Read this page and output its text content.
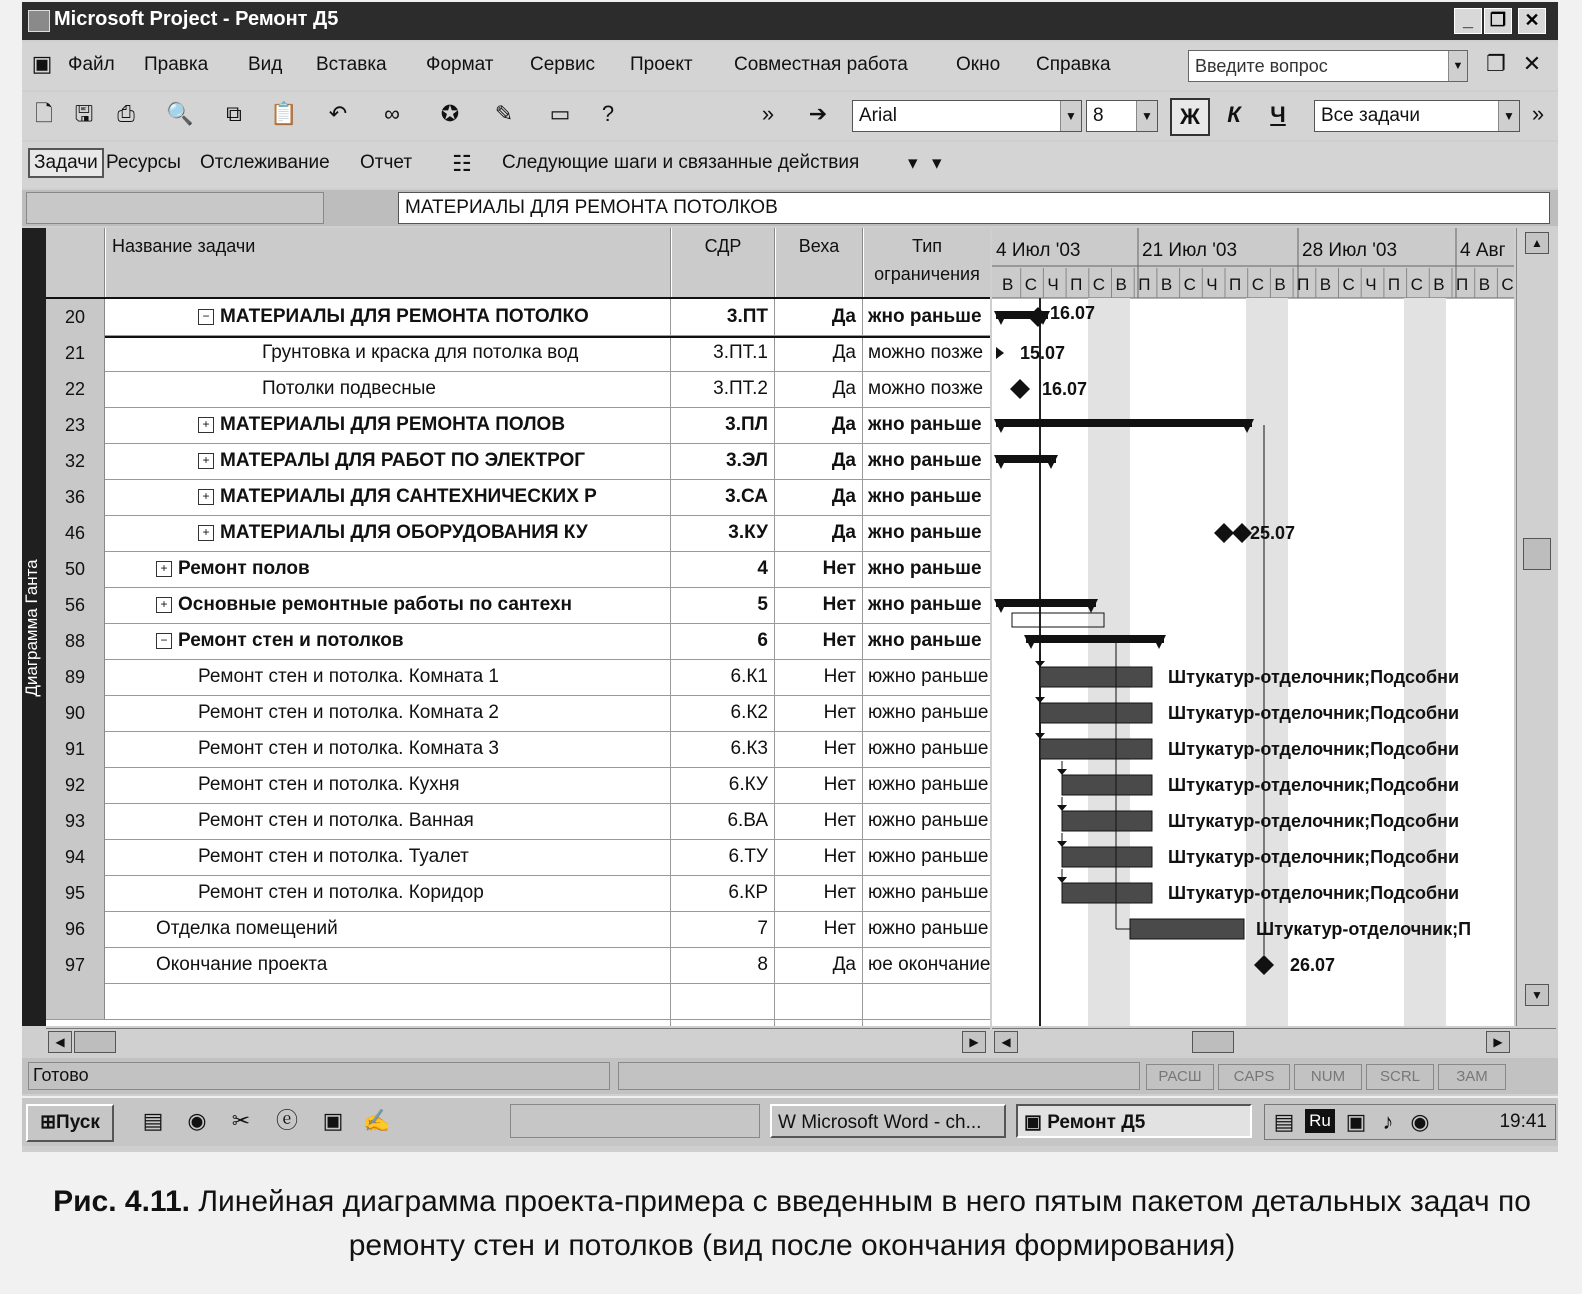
Microsoft Project - Ремонт Д5	_ ❐	✕
▣ Файл Правка Вид Вставка Формат Сервис Проект Совместная работа	Окно Справка	Введите вопрос	▼ ❐ ✕
🗋 🖫	⎙	🔍	⧉	📋	↶	∞	✪	✎	▭	?	»	➔	Arial	▼ 8	▼	Ж	К	Ч	Все задачи	▼ »
Задачи Ресурсы Отслеживание Отчет ☷	Следующие шаги и связанные действия	▾ ▾
МАТЕРИАЛЫ ДЛЯ РЕМОНТА ПОТОЛКОВ
Диаграмма Ганта
Название задачи	СДР	Веха	Тип
ограничения
20	− МАТЕРИАЛЫ ДЛЯ РЕМОНТА ПОТОЛКО	3.ПТ	Да жно раньше
21	Грунтовка и краска для потолка вод	3.ПТ.1	Да можно позже
22	Потолки подвесные	3.ПТ.2	Да можно позже
23	+ МАТЕРИАЛЫ ДЛЯ РЕМОНТА ПОЛОВ	3.ПЛ	Да жно раньше
32	+ МАТЕРАЛЫ ДЛЯ РАБОТ ПО ЭЛЕКТРОГ	3.ЭЛ	Да жно раньше
36	+ МАТЕРИАЛЫ ДЛЯ САНТЕХНИЧЕСКИХ Р	3.СА	Да жно раньше
46	+ МАТЕРИАЛЫ ДЛЯ ОБОРУДОВАНИЯ КУ	3.КУ	Да жно раньше
50	+ Ремонт полов	4	Нет жно раньше
56	+ Основные ремонтные работы по сантехн	5	Нет жно раньше
88	− Ремонт стен и потолков	6	Нет жно раньше
89	Ремонт стен и потолка. Комната 1	6.К1	Нет южно раньше
90	Ремонт стен и потолка. Комната 2	6.К2	Нет южно раньше
91	Ремонт стен и потолка. Комната 3	6.К3	Нет южно раньше
92	Ремонт стен и потолка. Кухня	6.КУ	Нет южно раньше
93	Ремонт стен и потолка. Ванная	6.ВА	Нет южно раньше
94	Ремонт стен и потолка. Туалет	6.ТУ	Нет южно раньше
95	Ремонт стен и потолка. Коридор	6.КР	Нет южно раньше
96	Отделка помещений	7	Нет южно раньше
97	Окончание проекта	8	Да юе окончание
4 Июл '03	21 Июл '03	28 Июл '03	4 Авг
В С Ч П С В П В С Ч П С В П В С Ч П С В П В С
16.07
15.07
16.07
25.07
Штукатур-отделочник;Подсобни
Штукатур-отделочник;Подсобни
Штукатур-отделочник;Подсобни
Штукатур-отделочник;Подсобни
Штукатур-отделочник;Подсобни
Штукатур-отделочник;Подсобни
Штукатур-отделочник;Подсобни
Штукатур-отделочник;П
26.07
▲
▼
◀	▶	◀	▶
Готово	РАСШ	CAPS	NUM	SCRL	ЗАМ
⊞Пуск	▤ ◉ ✂ ⓔ ▣ ✍	W Microsoft Word - ch...	▣ Ремонт Д5	▤ Ru ▣ ♪ ◉	19:41
Рис. 4.11. Линейная диаграмма проекта-примера с введенным в него пятым пакетом детальных задач по ремонту стен и потолков (вид после окончания формирования)
